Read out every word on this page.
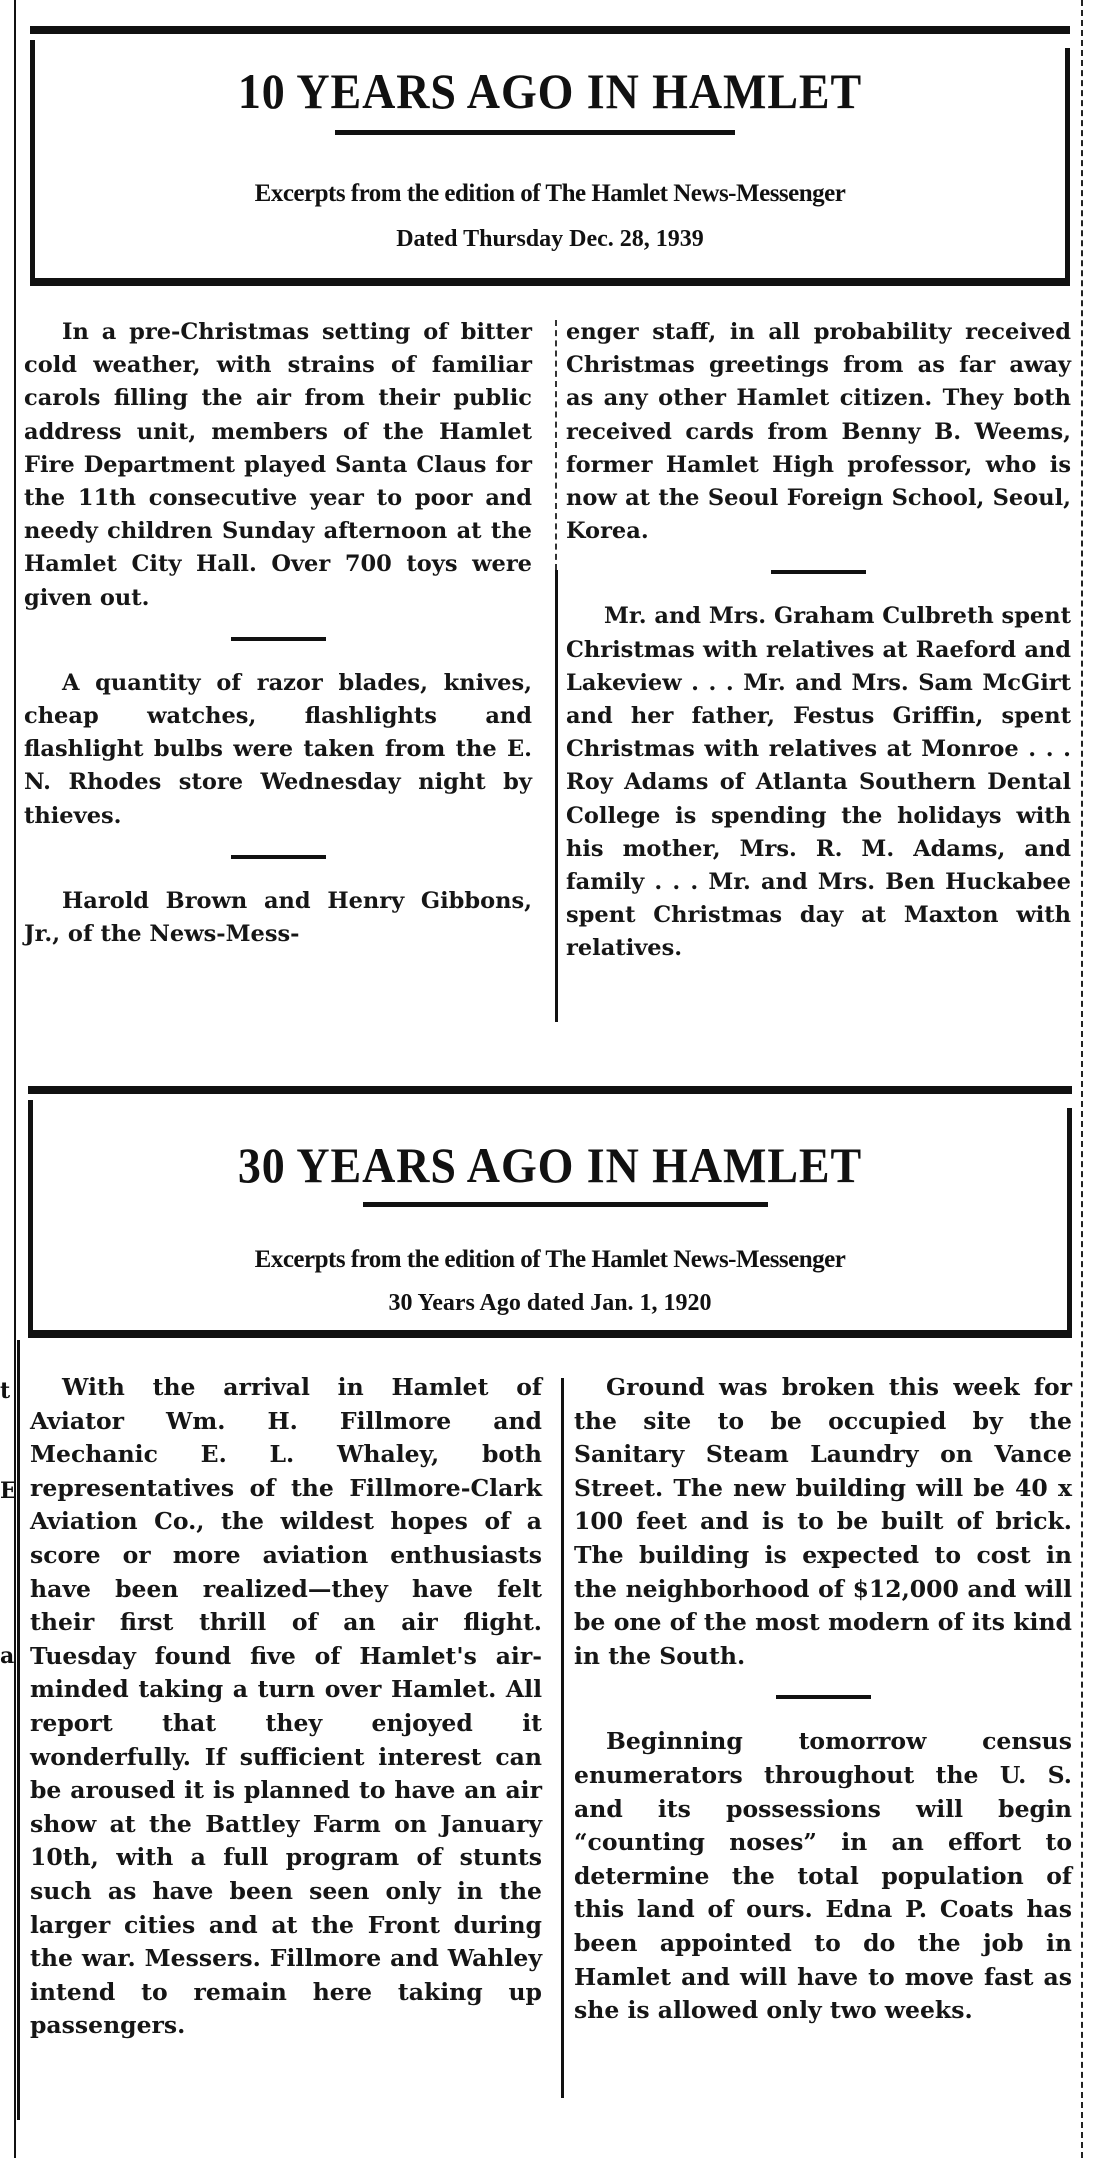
t
E
a
10 YEARS AGO IN HAMLET
Excerpts from the edition of The Hamlet News-Messenger
Dated Thursday Dec. 28, 1939

In a pre-Christmas setting of bitter cold weather, with strains of familiar carols filling the air from their public address unit, members of the Hamlet Fire Department played Santa Claus for the 11th consecutive year to poor and needy children Sunday afternoon at the Hamlet City Hall. Over 700 toys were given out.

A quantity of razor blades, knives, cheap watches, flashlights and flashlight bulbs were taken from the E. N. Rhodes store Wednesday night by thieves.

Harold Brown and Henry Gibbons, Jr., of the News-Mess-

enger staff, in all probability received Christmas greetings from as far away as any other Hamlet citizen. They both received cards from Benny B. Weems, former Hamlet High professor, who is now at the Seoul Foreign School, Seoul, Korea.

Mr. and Mrs. Graham Culbreth spent Christmas with relatives at Raeford and Lakeview . . . Mr. and Mrs. Sam McGirt and her father, Festus Griffin, spent Christmas with relatives at Monroe . . . Roy Adams of Atlanta Southern Dental College is spending the holidays with his mother, Mrs. R. M. Adams, and family . . . Mr. and Mrs. Ben Huckabee spent Christmas day at Maxton with relatives.

30 YEARS AGO IN HAMLET
Excerpts from the edition of The Hamlet News-Messenger
30 Years Ago dated Jan. 1, 1920

With the arrival in Hamlet of Aviator Wm. H. Fillmore and Mechanic E. L. Whaley, both representatives of the Fillmore-Clark Aviation Co., the wildest hopes of a score or more aviation enthusiasts have been realized—they have felt their first thrill of an air flight. Tuesday found five of Hamlet's air-minded taking a turn over Hamlet. All report that they enjoyed it wonderfully. If sufficient interest can be aroused it is planned to have an air show at the Battley Farm on January 10th, with a full program of stunts such as have been seen only in the larger cities and at the Front during the war. Messers. Fillmore and Wahley intend to remain here taking up passengers.

Ground was broken this week for the site to be occupied by the Sanitary Steam Laundry on Vance Street. The new building will be 40 x 100 feet and is to be built of brick. The building is expected to cost in the neighborhood of $12,000 and will be one of the most modern of its kind in the South.

Beginning tomorrow census enumerators throughout the U. S. and its possessions will begin “counting noses” in an effort to determine the total population of this land of ours. Edna P. Coats has been appointed to do the job in Hamlet and will have to move fast as she is allowed only two weeks.
